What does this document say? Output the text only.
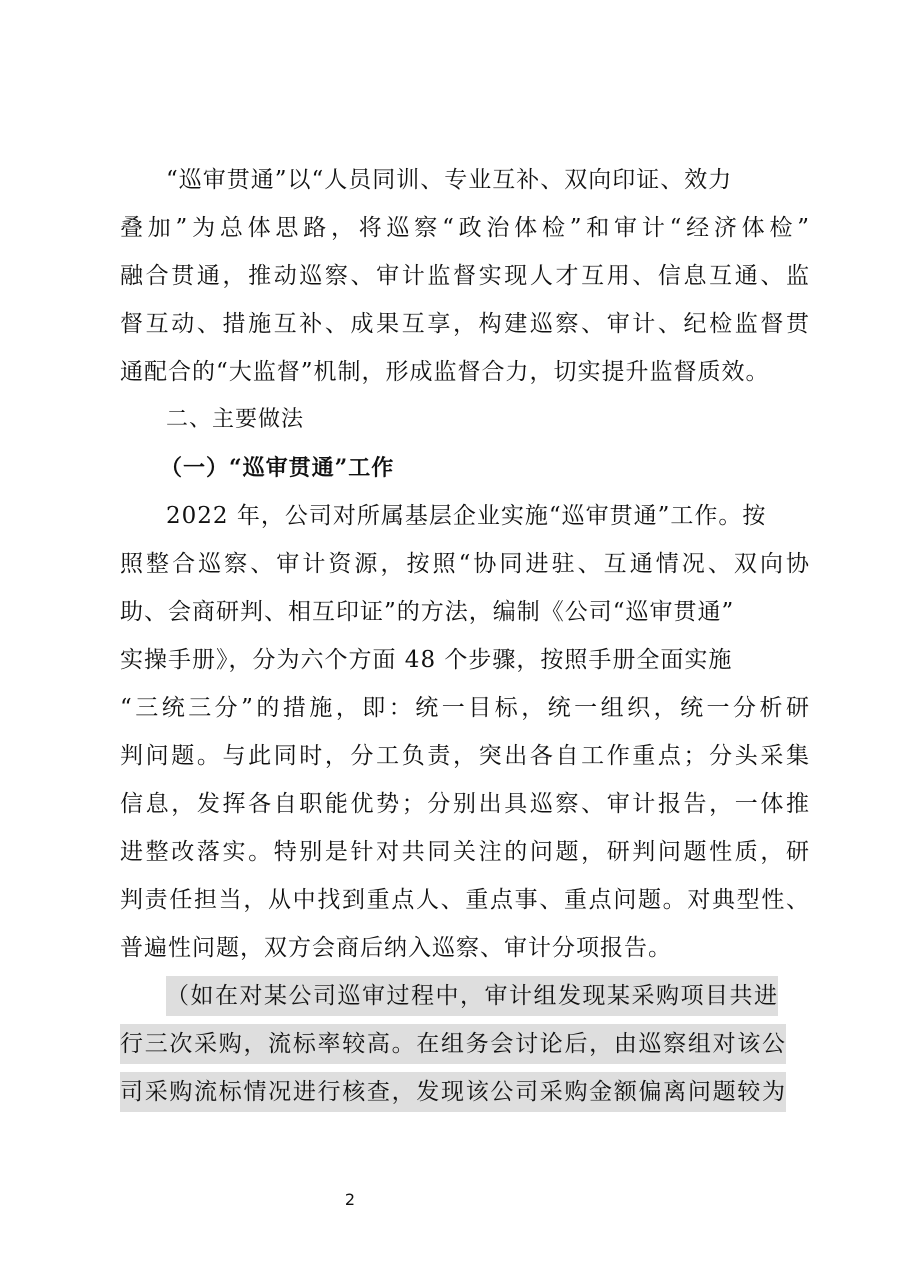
“巡审贯通”以“人员同训、专业互补、双向印证、效力
叠加”为总体思路，将巡察“政治体检”和审计“经济体检”
融合贯通，推动巡察、审计监督实现人才互用、信息互通、监
督互动、措施互补、成果互享，构建巡察、审计、纪检监督贯
通配合的“大监督”机制，形成监督合力，切实提升监督质效。
二、主要做法
（一）“巡审贯通”工作
2022 年，公司对所属基层企业实施“巡审贯通”工作。按
照整合巡察、审计资源，按照“协同进驻、互通情况、双向协
助、会商研判、相互印证”的方法，编制《公司“巡审贯通”
实操手册》，分为六个方面 48 个步骤，按照手册全面实施
“三统三分”的措施，即：统一目标，统一组织，统一分析研
判问题。与此同时，分工负责，突出各自工作重点；分头采集
信息，发挥各自职能优势；分别出具巡察、审计报告，一体推
进整改落实。特别是针对共同关注的问题，研判问题性质，研
判责任担当，从中找到重点人、重点事、重点问题。对典型性、
普遍性问题，双方会商后纳入巡察、审计分项报告。
（如在对某公司巡审过程中，审计组发现某采购项目共进
行三次采购，流标率较高。在组务会讨论后，由巡察组对该公
司采购流标情况进行核查，发现该公司采购金额偏离问题较为
2
